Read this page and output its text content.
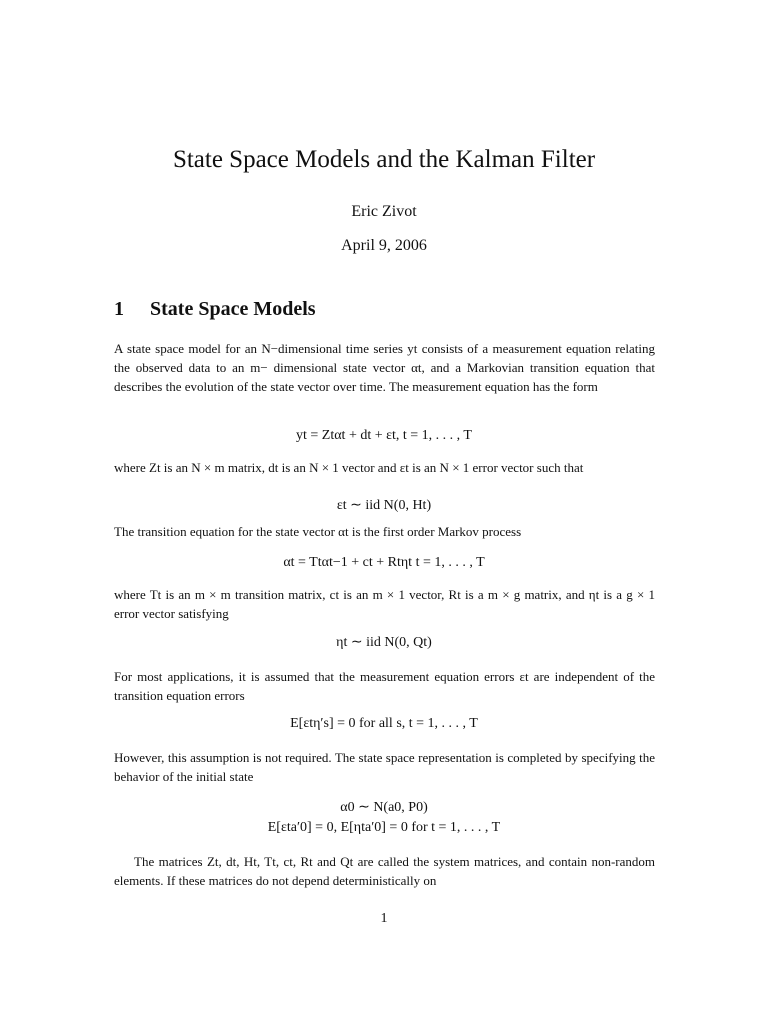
State Space Models and the Kalman Filter
Eric Zivot
April 9, 2006
1 State Space Models
A state space model for an N−dimensional time series yt consists of a measurement equation relating the observed data to an m− dimensional state vector αt, and a Markovian transition equation that describes the evolution of the state vector over time. The measurement equation has the form
yt = Ztαt + dt + εt, t = 1, . . . , T
where Zt is an N × m matrix, dt is an N × 1 vector and εt is an N × 1 error vector such that
εt ∼ iid N(0, Ht)
The transition equation for the state vector αt is the first order Markov process
αt = Ttαt−1 + ct + Rtηt t = 1, . . . , T
where Tt is an m × m transition matrix, ct is an m × 1 vector, Rt is a m × g matrix, and ηt is a g × 1 error vector satisfying
ηt ∼ iid N(0, Qt)
For most applications, it is assumed that the measurement equation errors εt are independent of the transition equation errors
E[εtη′s] = 0 for all s, t = 1, . . . , T
However, this assumption is not required. The state space representation is completed by specifying the behavior of the initial state
α0 ∼ N(a0, P0)
E[εta′0] = 0, E[ηta′0] = 0 for t = 1, . . . , T
The matrices Zt, dt, Ht, Tt, ct, Rt and Qt are called the system matrices, and contain non-random elements. If these matrices do not depend deterministically on
1
